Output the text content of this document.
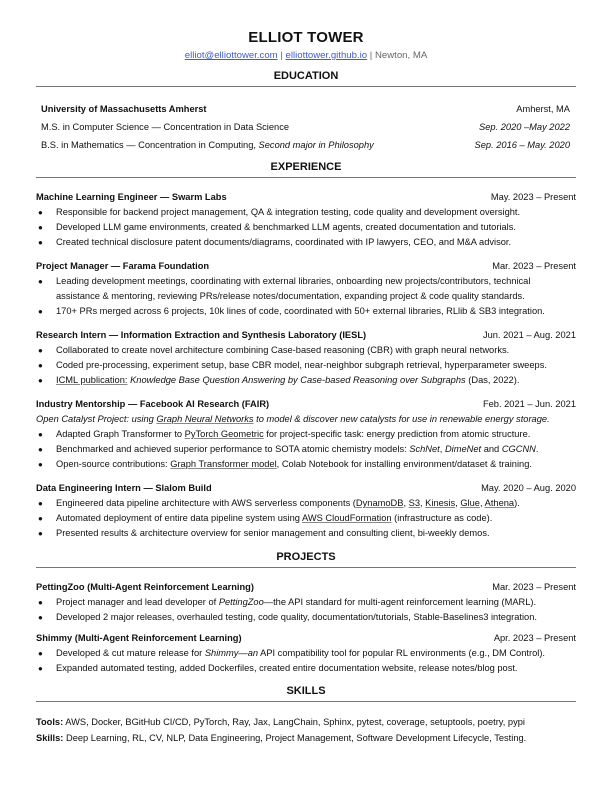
ELLIOT TOWER
elliot@elliottower.com | elliottower.github.io | Newton, MA
EDUCATION
University of Massachusetts Amherst	Amherst, MA
M.S. in Computer Science — Concentration in Data Science	Sep. 2020 –May 2022
B.S. in Mathematics — Concentration in Computing, Second major in Philosophy	Sep. 2016 – May. 2020
EXPERIENCE
Machine Learning Engineer — Swarm Labs	May. 2023 – Present
●	Responsible for backend project management, QA & integration testing, code quality and development oversight.
●	Developed LLM game environments, created & benchmarked LLM agents, created documentation and tutorials.
●	Created technical disclosure patent documents/diagrams, coordinated with IP lawyers, CEO, and M&A advisor.
Project Manager — Farama Foundation	Mar. 2023 – Present
●	Leading development meetings, coordinating with external libraries, onboarding new projects/contributors, technical assistance & mentoring, reviewing PRs/release notes/documentation, expanding project & code quality standards.
●	170+ PRs merged across 6 projects, 10k lines of code, coordinated with 50+ external libraries, RLlib & SB3 integration.
Research Intern — Information Extraction and Synthesis Laboratory (IESL)	Jun. 2021 – Aug. 2021
●	Collaborated to create novel architecture combining Case-based reasoning (CBR) with graph neural networks.
●	Coded pre-processing, experiment setup, base CBR model, near-neighbor subgraph retrieval, hyperparameter sweeps.
●	ICML publication: Knowledge Base Question Answering by Case-based Reasoning over Subgraphs (Das, 2022).
Industry Mentorship — Facebook AI Research (FAIR)	Feb. 2021 – Jun. 2021
Open Catalyst Project: using Graph Neural Networks to model & discover new catalysts for use in renewable energy storage.
●	Adapted Graph Transformer to PyTorch Geometric for project-specific task: energy prediction from atomic structure.
●	Benchmarked and achieved superior performance to SOTA atomic chemistry models: SchNet, DimeNet and CGCNN.
●	Open-source contributions: Graph Transformer model, Colab Notebook for installing environment/dataset & training.
Data Engineering Intern — Slalom Build	May. 2020 – Aug. 2020
●	Engineered data pipeline architecture with AWS serverless components (DynamoDB, S3, Kinesis, Glue, Athena).
●	Automated deployment of entire data pipeline system using AWS CloudFormation (infrastructure as code).
●	Presented results & architecture overview for senior management and consulting client, bi-weekly demos.
PROJECTS
PettingZoo (Multi-Agent Reinforcement Learning)	Mar. 2023 – Present
●	Project manager and lead developer of PettingZoo—the API standard for multi-agent reinforcement learning (MARL).
●	Developed 2 major releases, overhauled testing, code quality, documentation/tutorials, Stable-Baselines3 integration.
Shimmy (Multi-Agent Reinforcement Learning)	Apr. 2023 – Present
●	Developed & cut mature release for Shimmy—an API compatibility tool for popular RL environments (e.g., DM Control).
●	Expanded automated testing, added Dockerfiles, created entire documentation website, release notes/blog post.
SKILLS
Tools: AWS, Docker, BGitHub CI/CD, PyTorch, Ray, Jax, LangChain, Sphinx, pytest, coverage, setuptools, poetry, pypi
Skills: Deep Learning, RL, CV, NLP, Data Engineering, Project Management, Software Development Lifecycle, Testing.
